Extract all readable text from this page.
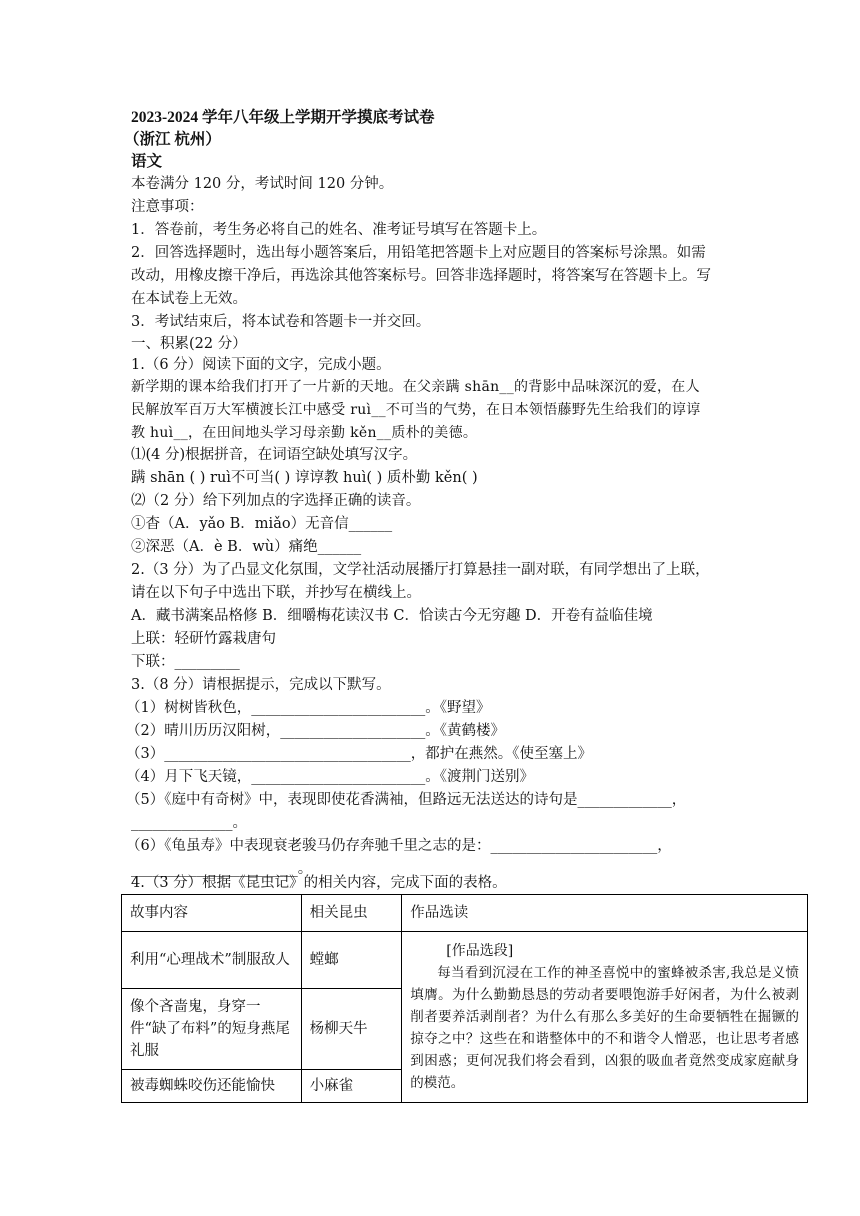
2023-2024 学年八年级上学期开学摸底考试卷
（浙江 杭州）
语文
本卷满分 120 分，考试时间 120 分钟。
注意事项：
1．答卷前，考生务必将自己的姓名、准考证号填写在答题卡上。
2．回答选择题时，选出每小题答案后，用铅笔把答题卡上对应题目的答案标号涂黑。如需
改动，用橡皮擦干净后，再选涂其他答案标号。回答非选择题时，将答案写在答题卡上。写
在本试卷上无效。
3．考试结束后，将本试卷和答题卡一并交回。
一、积累(22 分）
1.（6 分）阅读下面的文字，完成小题。
新学期的课本给我们打开了一片新的天地。在父亲蹒 shān__的背影中品味深沉的爱，在人
民解放军百万大军横渡长江中感受 ruì__不可当的气势，在日本领悟藤野先生给我们的谆谆
教 huì__，在田间地头学习母亲勤 kěn__质朴的美德。
⑴(4 分)根据拼音，在词语空缺处填写汉字。
蹒 shān ( ) ruì不可当( ) 谆谆教 huì( ) 质朴勤 kěn( )
⑵（2 分）给下列加点的字选择正确的读音。
①杳（A．yǎo B．miǎo）无音信______
②深恶（A．è B．wù）痛绝______
2.（3 分）为了凸显文化氛围，文学社活动展播厅打算悬挂一副对联，有同学想出了上联，
请在以下句子中选出下联，并抄写在横线上。
A．藏书满案品格修 B．细嚼梅花读汉书 C．恰读古今无穷趣 D．开卷有益临佳境
上联：轻研竹露栽唐句
下联：_________
3.（8 分）请根据提示，完成以下默写。
（1）树树皆秋色，________________________。《野望》
（2）晴川历历汉阳树，____________________。《黄鹤楼》
（3）__________________________________，都护在燕然。《使至塞上》
（4）月下飞天镜，________________________。《渡荆门送别》
（5）《庭中有奇树》中，表现即使花香满袖，但路远无法送达的诗句是_____________，
______________。
（6）《龟虽寿》中表现衰老骏马仍存奔驰千里之志的是：_______________________，
_______________________。
4.（3 分）根据《昆虫记》的相关内容，完成下面的表格。
故事内容	相关昆虫	作品选读
利用“心理战术”制服敌人	螳螂	[作品选段]
每当看到沉浸在工作的神圣喜悦中的蜜蜂被杀害,我总是义愤填膺。为什么勤勤恳恳的劳动者要喂饱游手好闲者，为什么被剥削者要养活剥削者？为什么有那么多美好的生命要牺牲在掘镢的掠夺之中？这些在和谐整体中的不和谐令人憎恶，也让思考者感到困惑；更何况我们将会看到，凶狠的吸血者竟然变成家庭献身的模范。

像个吝啬鬼，身穿一件“缺了布料”的短身燕尾礼服	杨柳天牛	
被毒蜘蛛咬伤还能愉快	小麻雀	
